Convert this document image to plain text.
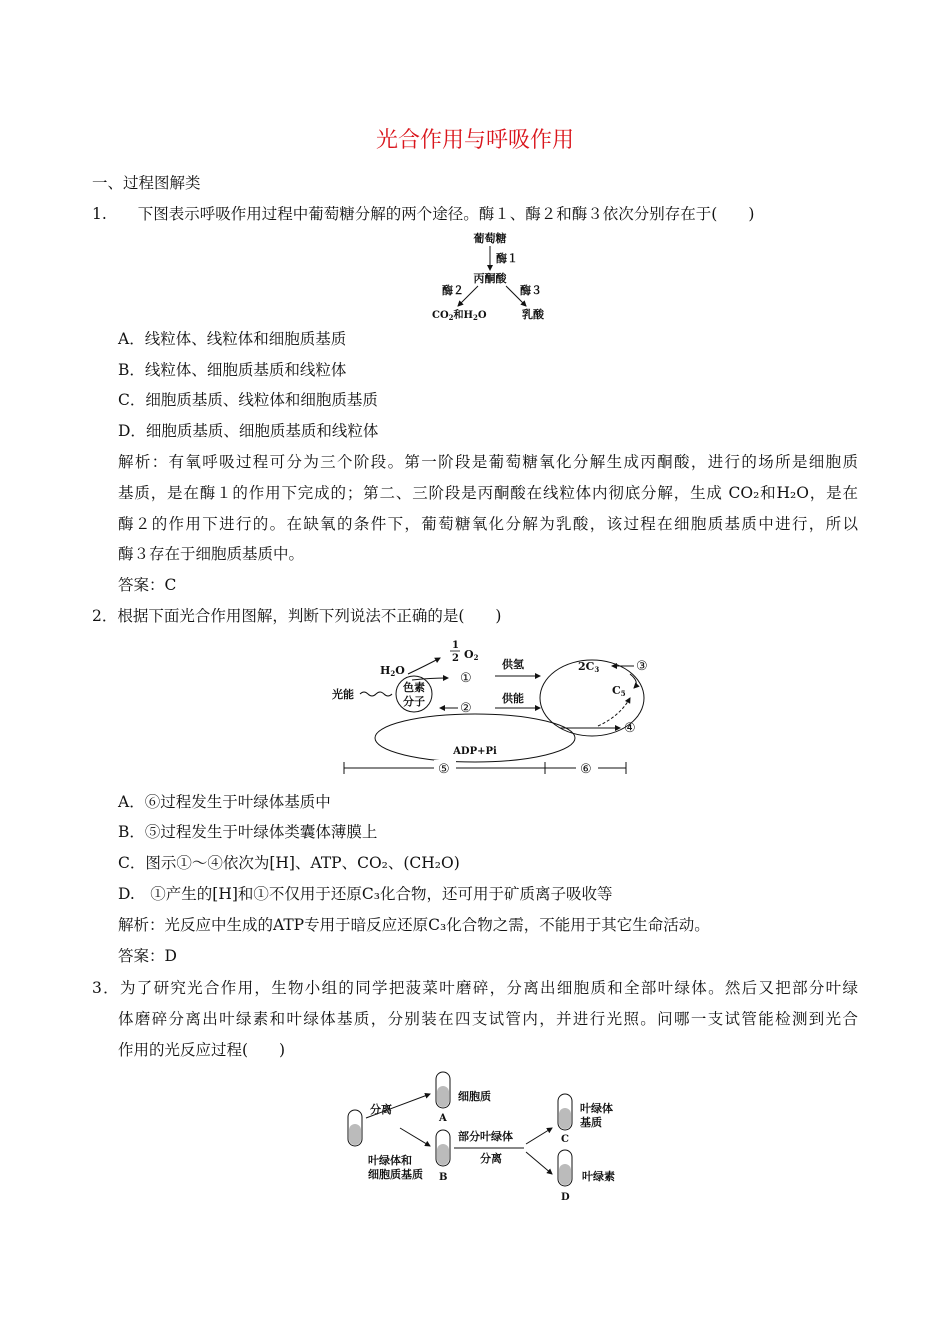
光合作用与呼吸作用
一、过程图解类
1.　　下图表示呼吸作用过程中葡萄糖分解的两个途径。酶１、酶２和酶３依次分别存在于(　　)
葡萄糖
酶１
丙酮酸
酶２	酶３
$CO_2$和$H_2O$	乳酸
A．线粒体、线粒体和细胞质基质
B．线粒体、细胞质基质和线粒体
C．细胞质基质、线粒体和细胞质基质
D．细胞质基质、细胞质基质和线粒体
解析：有氧呼吸过程可分为三个阶段。第一阶段是葡萄糖氧化分解生成丙酮酸，进行的场所是细胞质
基质，是在酶１的作用下完成的；第二、三阶段是丙酮酸在线粒体内彻底分解，生成 CO₂和H₂O，是在
酶２的作用下进行的。在缺氧的条件下，葡萄糖氧化分解为乳酸，该过程在细胞质基质中进行，所以
酶３存在于细胞质基质中。
答案：C
2．根据下面光合作用图解，判断下列说法不正确的是(　　)
1
2 O2
H2O
①
供氢	2C3	③
C5
④
光能
色素
分子	②
供能
ADP+Pi
⑤	⑥
A．⑥过程发生于叶绿体基质中
B．⑤过程发生于叶绿体类囊体薄膜上
C．图示①～④依次为[H]、ATP、CO₂、(CH₂O)
D.　①产生的[H]和①不仅用于还原C₃化合物，还可用于矿质离子吸收等
解析：光反应中生成的ATP专用于暗反应还原C₃化合物之需，不能用于其它生命活动。
答案：D
3．为了研究光合作用，生物小组的同学把菠菜叶磨碎，分离出细胞质和全部叶绿体。然后又把部分叶绿
体磨碎分离出叶绿素和叶绿体基质，分别装在四支试管内，并进行光照。问哪一支试管能检测到光合
作用的光反应过程(　　)
分离
A
细胞质
B
叶绿体和
细胞质基质
部分叶绿体
分离
C
叶绿体
基质
D
叶绿素
